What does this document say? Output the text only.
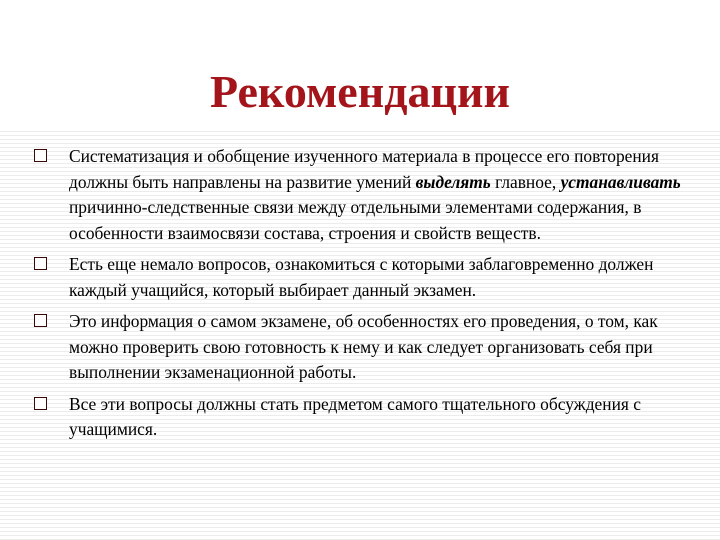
Рекомендации
Систематизация и обобщение изученного материала в процессе его повторения должны быть направлены на развитие умений выделять главное, устанавливать причинно-следственные связи между отдельными элементами содержания, в особенности взаимосвязи состава, строения и свойств веществ.
Есть еще немало вопросов, ознакомиться с которыми заблаговременно должен каждый учащийся, который выбирает данный экзамен.
Это информация о самом экзамене, об особенностях его проведения, о том, как можно проверить свою готовность к нему и как следует организовать себя при выполнении экзаменационной работы.
Все эти вопросы должны стать предметом самого тщательного обсуждения с учащимися.
